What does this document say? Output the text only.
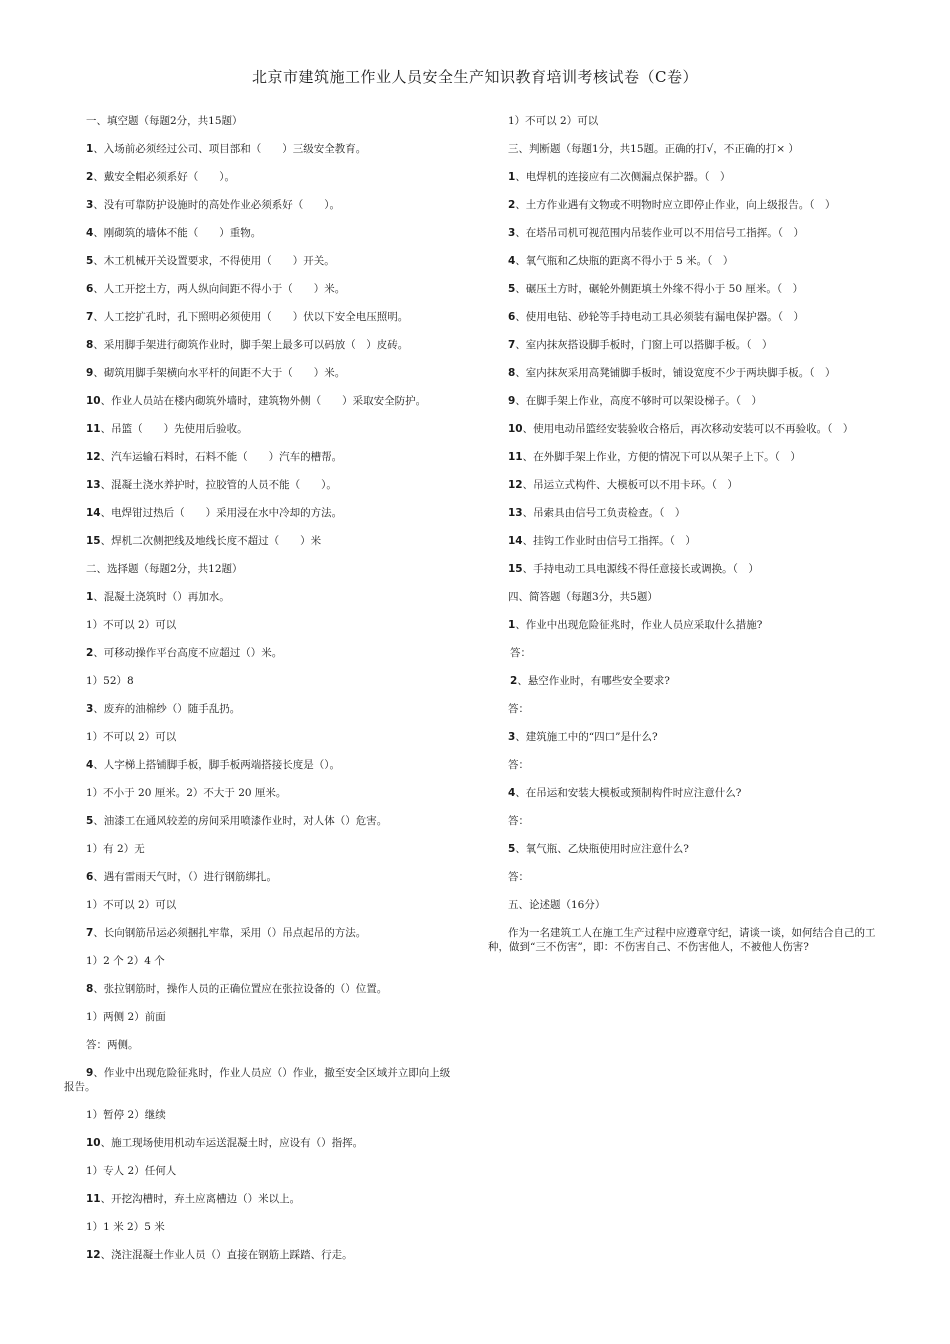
北京市建筑施工作业人员安全生产知识教育培训考核试卷（C卷）
一、填空题（每题2分，共15题）
1、入场前必须经过公司、项目部和（　　）三级安全教育。
2、戴安全帽必须系好（　　）。
3、没有可靠防护设施时的高处作业必须系好（　　）。
4、刚砌筑的墙体不能（　　）重物。
5、木工机械开关设置要求，不得使用（　　）开关。
6、人工开挖土方，两人纵向间距不得小于（　　）米。
7、人工挖扩孔时，孔下照明必须使用（　　）伏以下安全电压照明。
8、采用脚手架进行砌筑作业时，脚手架上最多可以码放（　）皮砖。
9、砌筑用脚手架横向水平杆的间距不大于（　　）米。
10、作业人员站在楼内砌筑外墙时，建筑物外侧（　　）采取安全防护。
11、吊篮（　　）先使用后验收。
12、汽车运输石料时，石料不能（　　）汽车的槽帮。
13、混凝土浇水养护时，拉胶管的人员不能（　　）。
14、电焊钳过热后（　　）采用浸在水中冷却的方法。
15、焊机二次侧把线及地线长度不超过（　　）米
二、选择题（每题2分，共12题）
1、混凝土浇筑时（）再加水。
1）不可以 2）可以
2、可移动操作平台高度不应超过（）米。
1）52）8
3、废弃的油棉纱（）随手乱扔。
1）不可以 2）可以
4、人字梯上搭铺脚手板，脚手板两端搭接长度是（）。
1）不小于 20 厘米。2）不大于 20 厘米。
5、油漆工在通风较差的房间采用喷漆作业时，对人体（）危害。
1）有 2）无
6、遇有雷雨天气时，（）进行钢筋绑扎。
1）不可以 2）可以
7、长向钢筋吊运必须捆扎牢靠，采用（）吊点起吊的方法。
1）2 个 2）4 个
8、张拉钢筋时，操作人员的正确位置应在张拉设备的（）位置。
1）两侧 2）前面
答：两侧。
9、作业中出现危险征兆时，作业人员应（）作业，撤至安全区域并立即向上级
报告。
1）暂停 2）继续
10、施工现场使用机动车运送混凝土时，应设有（）指挥。
1）专人 2）任何人
11、开挖沟槽时，弃土应离槽边（）米以上。
1）1 米 2）5 米
12、浇注混凝土作业人员（）直接在钢筋上踩踏、行走。
1）不可以 2）可以
三、判断题（每题1分，共15题。正确的打√，不正确的打× ）
1、电焊机的连接应有二次侧漏点保护器。（　）
2、土方作业遇有文物或不明物时应立即停止作业，向上级报告。（　）
3、在塔吊司机可视范围内吊装作业可以不用信号工指挥。（　）
4、氧气瓶和乙炔瓶的距离不得小于 5 米。（　）
5、碾压土方时，碾轮外侧距填土外缘不得小于 50 厘米。（　）
6、使用电钻、砂轮等手持电动工具必须装有漏电保护器。（　）
7、室内抹灰搭设脚手板时，门窗上可以搭脚手板。（　）
8、室内抹灰采用高凳铺脚手板时，铺设宽度不少于两块脚手板。（　）
9、在脚手架上作业，高度不够时可以架设梯子。（　）
10、使用电动吊篮经安装验收合格后，再次移动安装可以不再验收。（　）
11、在外脚手架上作业，方便的情况下可以从架子上下。（　）
12、吊运立式构件、大模板可以不用卡环。（　）
13、吊索具由信号工负责检查。（　）
14、挂钩工作业时由信号工指挥。（　）
15、手持电动工具电源线不得任意接长或调换。（　）
四、简答题（每题3分，共5题）
1、作业中出现危险征兆时，作业人员应采取什么措施?
答：
2、悬空作业时，有哪些安全要求?
答：
3、建筑施工中的“四口”是什么?
答：
4、在吊运和安装大模板或预制构件时应注意什么?
答：
5、氧气瓶、乙炔瓶使用时应注意什么?
答：
五、论述题（16分）
作为一名建筑工人在施工生产过程中应遵章守纪，请谈一谈，如何结合自己的工
种，做到“三不伤害”，即：不伤害自己、不伤害他人，不被他人伤害?
